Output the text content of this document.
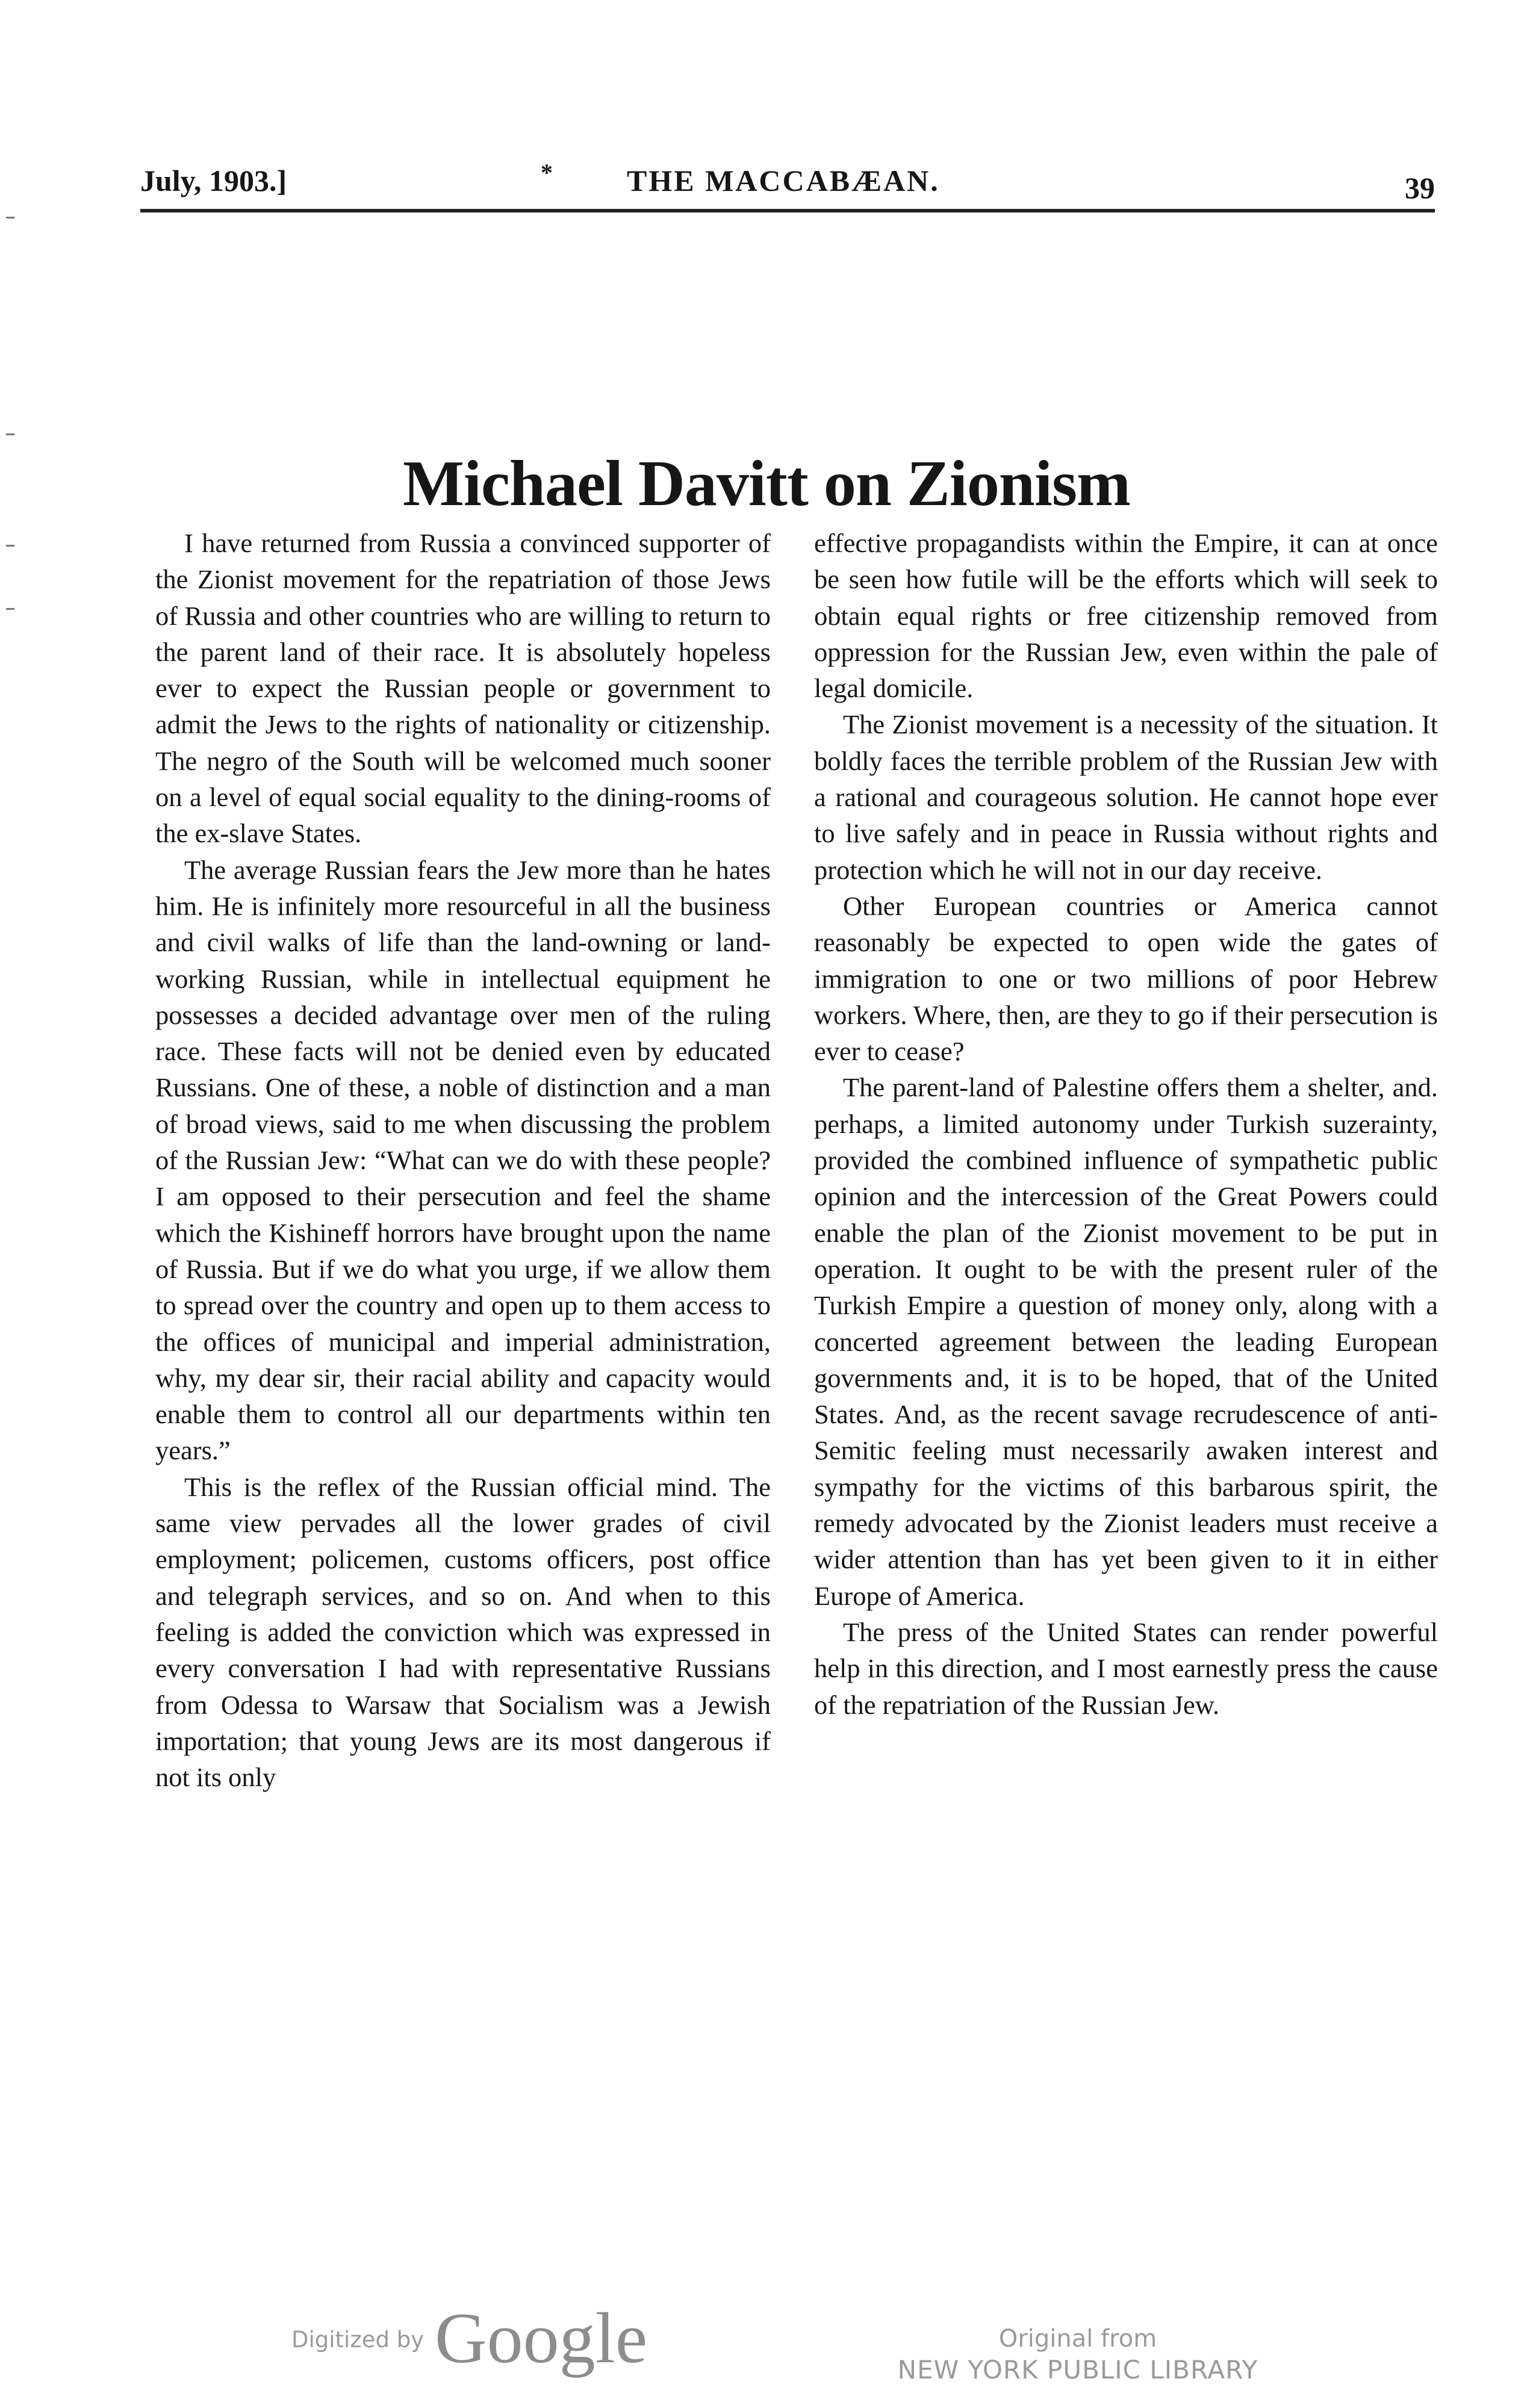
July, 1903.]	* THE MACCABÆAN.	39
Michael Davitt on Zionism

I have returned from Russia a convinced supporter of the Zionist movement for the repatriation of those Jews of Russia and other countries who are willing to return to the parent land of their race. It is absolutely hopeless ever to expect the Russian people or government to admit the Jews to the rights of nationality or citizenship. The negro of the South will be welcomed much sooner on a level of equal social equality to the dining-rooms of the ex-slave States.

The average Russian fears the Jew more than he hates him. He is infinitely more resourceful in all the business and civil walks of life than the land-owning or land-working Russian, while in intellectual equipment he possesses a decided advantage over men of the ruling race. These facts will not be denied even by educated Russians. One of these, a noble of distinction and a man of broad views, said to me when discussing the problem of the Russian Jew: “What can we do with these people? I am opposed to their persecution and feel the shame which the Kishineff horrors have brought upon the name of Russia. But if we do what you urge, if we allow them to spread over the country and open up to them access to the offices of municipal and imperial administration, why, my dear sir, their racial ability and capacity would enable them to control all our departments within ten years.”

This is the reflex of the Russian official mind. The same view pervades all the lower grades of civil employment; policemen, customs officers, post office and telegraph services, and so on. And when to this feeling is added the conviction which was expressed in every conversation I had with representative Russians from Odessa to Warsaw that Socialism was a Jewish importation; that young Jews are its most dangerous if not its only

effective propagandists within the Empire, it can at once be seen how futile will be the efforts which will seek to obtain equal rights or free citizenship removed from oppression for the Russian Jew, even within the pale of legal domicile.

The Zionist movement is a necessity of the situation. It boldly faces the terrible problem of the Russian Jew with a rational and courageous solution. He cannot hope ever to live safely and in peace in Russia without rights and protection which he will not in our day receive.

Other European countries or America cannot reasonably be expected to open wide the gates of immigration to one or two millions of poor Hebrew workers. Where, then, are they to go if their persecution is ever to cease?

The parent-land of Palestine offers them a shelter, and. perhaps, a limited autonomy under Turkish suzerainty, provided the combined influence of sympathetic public opinion and the intercession of the Great Powers could enable the plan of the Zionist movement to be put in operation. It ought to be with the present ruler of the Turkish Empire a question of money only, along with a concerted agreement between the leading European governments and, it is to be hoped, that of the United States. And, as the recent savage recrudescence of anti-Semitic feeling must necessarily awaken interest and sympathy for the victims of this barbarous spirit, the remedy advocated by the Zionist leaders must receive a wider attention than has yet been given to it in either Europe of America.

The press of the United States can render powerful help in this direction, and I most earnestly press the cause of the repatriation of the Russian Jew.

Digitized by Google	Original from
NEW YORK PUBLIC LIBRARY
